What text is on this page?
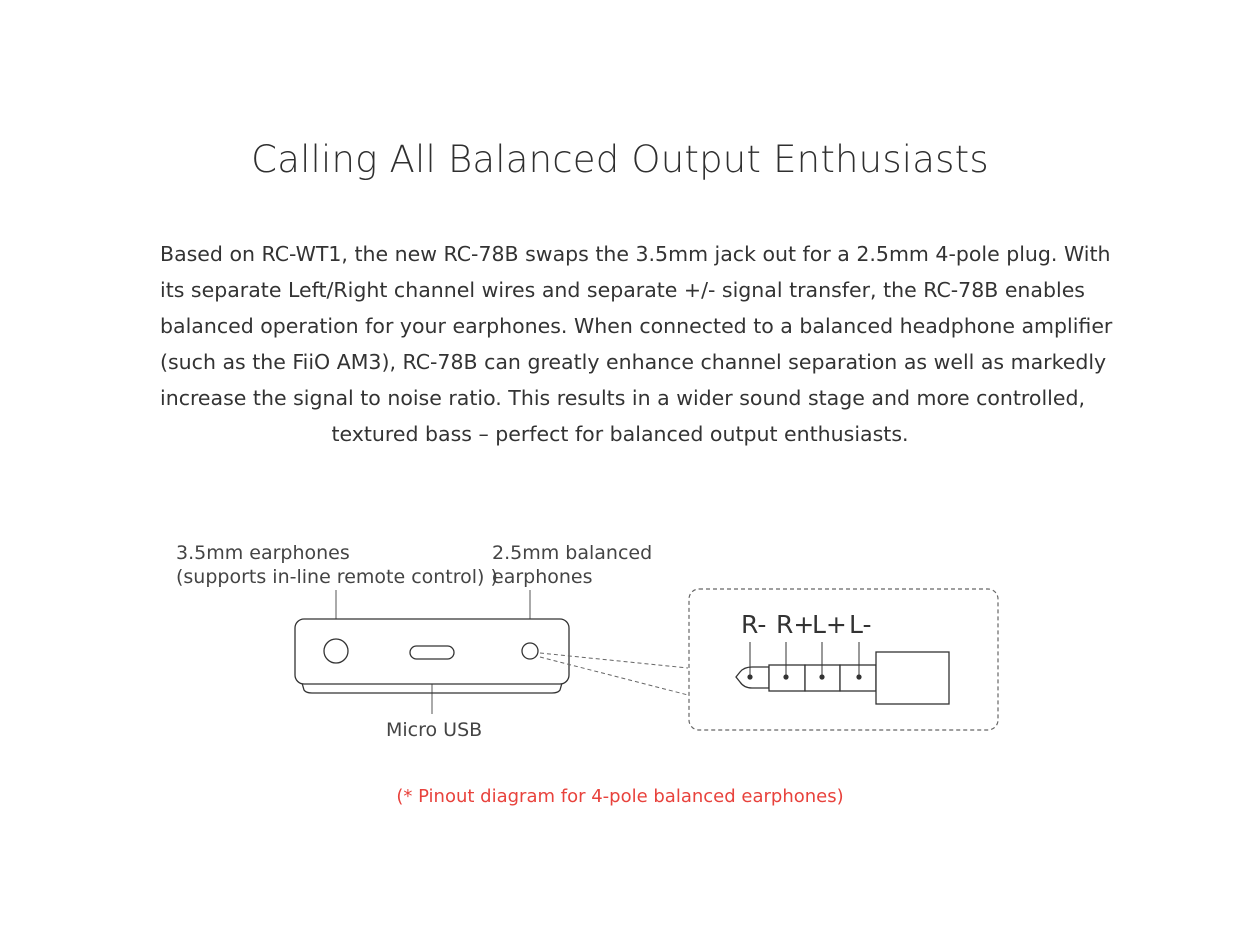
Calling All Balanced Output Enthusiasts

Based on RC-WT1, the new RC-78B swaps the 3.5mm jack out for a 2.5mm 4-pole plug. With
its separate Left/Right channel wires and separate +/- signal transfer, the RC-78B enables
balanced operation for your earphones. When connected to a balanced headphone amplifier
(such as the FiiO AM3), RC-78B can greatly enhance channel separation as well as markedly
increase the signal to noise ratio. This results in a wider sound stage and more controlled,
textured bass – perfect for balanced output enthusiasts.

3.5mm earphones
(supports in-line remote control) )
2.5mm balanced
earphones
R- R+
L+ L-
Micro USB

(* Pinout diagram for 4-pole balanced earphones)
